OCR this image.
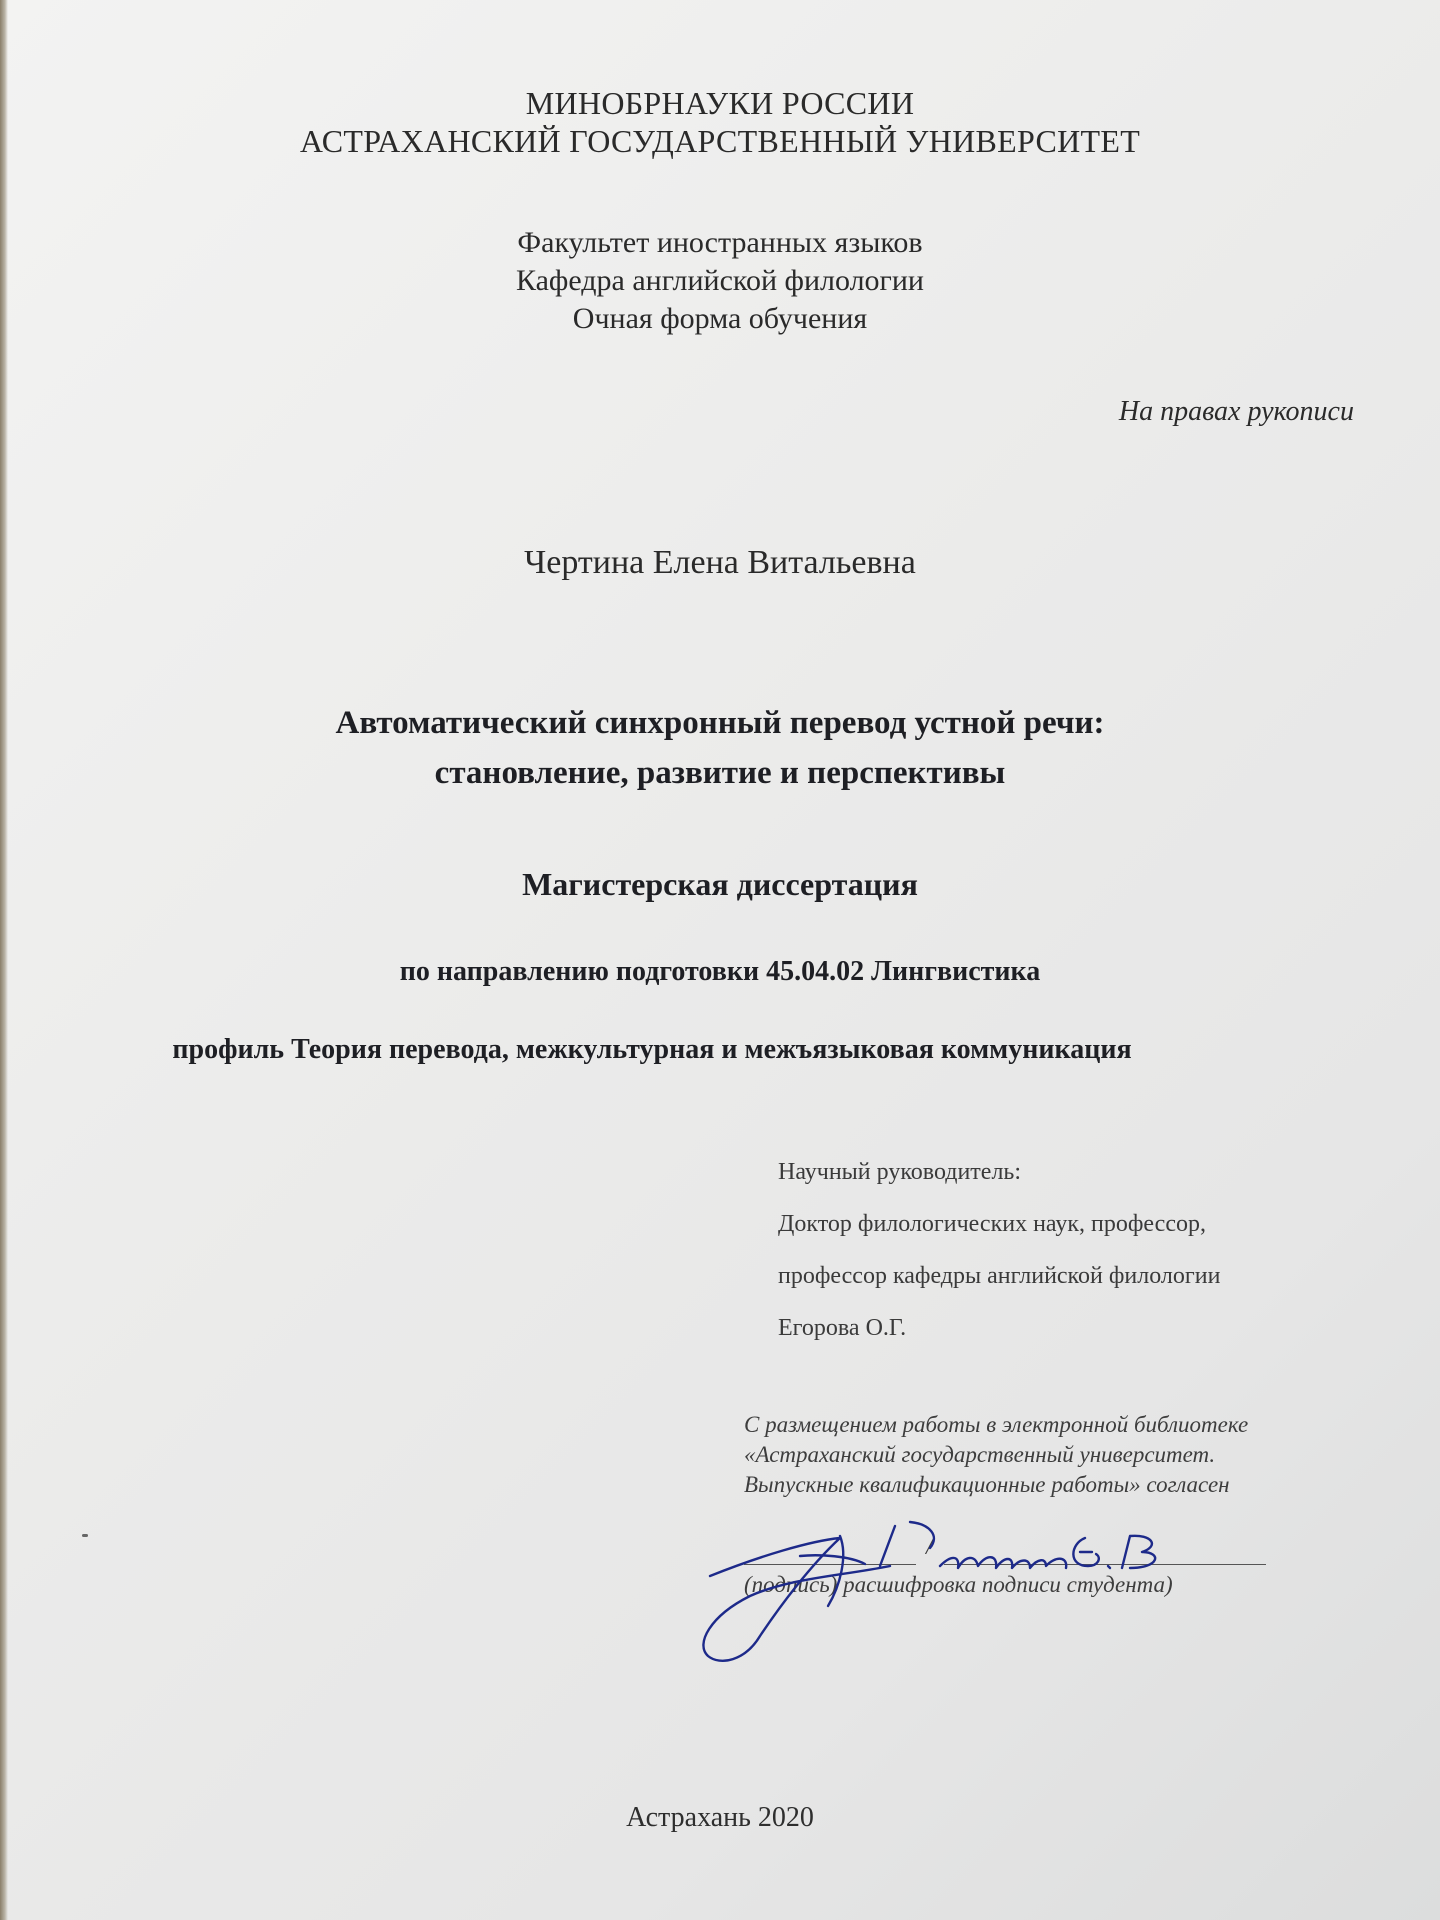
МИНОБРНАУКИ РОССИИ
АСТРАХАНСКИЙ ГОСУДАРСТВЕННЫЙ УНИВЕРСИТЕТ
Факультет иностранных языков
Кафедра английской филологии
Очная форма обучения
На правах рукописи
Чертина Елена Витальевна
Автоматический синхронный перевод устной речи:
становление, развитие и перспективы
Магистерская диссертация
по направлению подготовки 45.04.02 Лингвистика
профиль Теория перевода, межкультурная и межъязыковая коммуникация
Научный руководитель:
Доктор филологических наук, профессор,
профессор кафедры английской филологии
Егорова О.Г.
С размещением работы в электронной библиотеке «Астраханский государственный университет. Выпускные квалификационные работы» согласен
/
(подпись) расшифровка подписи студента)
Астрахань 2020
